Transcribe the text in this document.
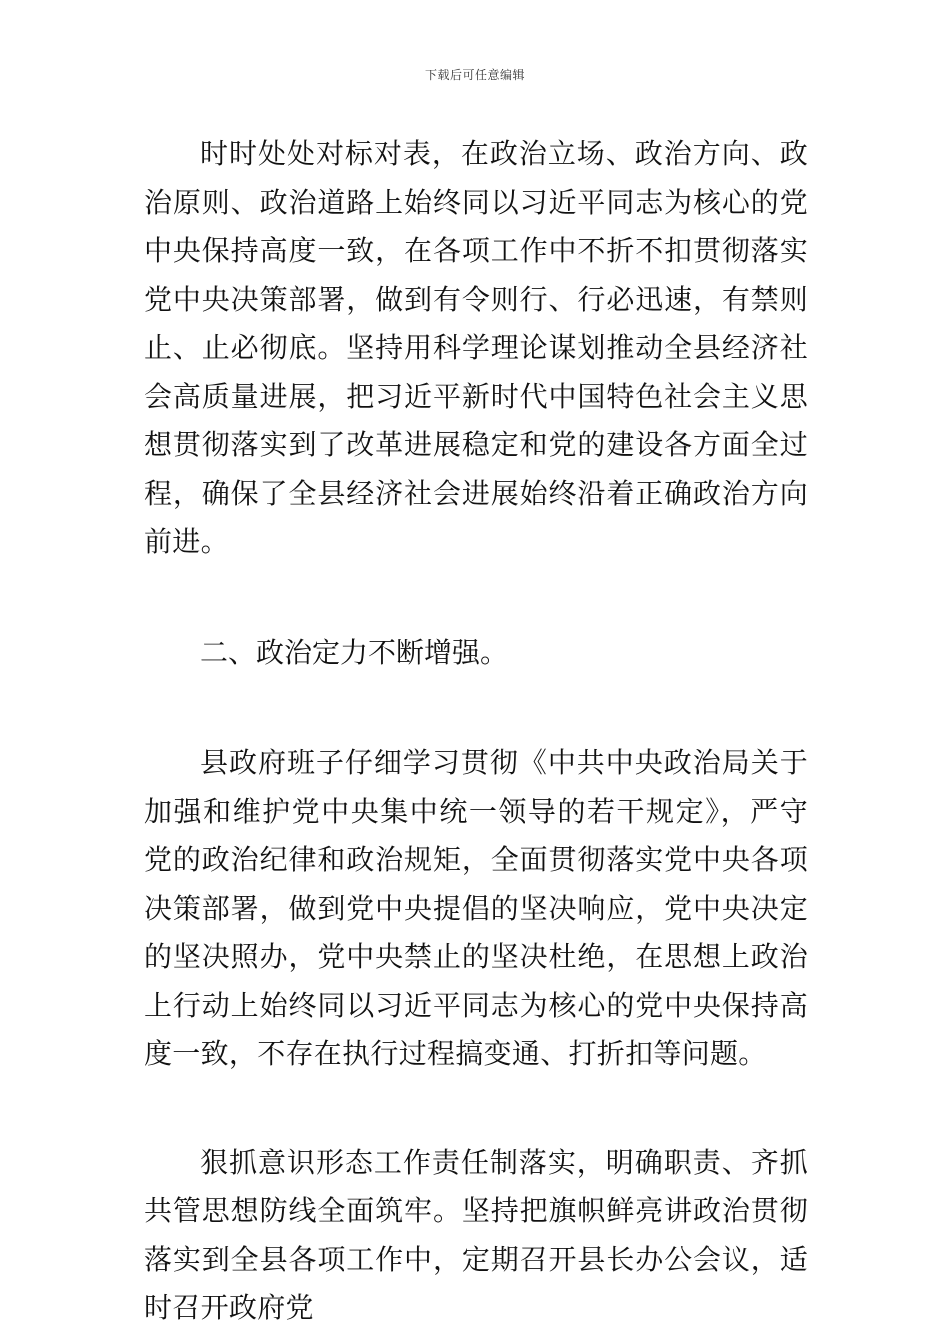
下载后可任意编辑

时时处处对标对表，在政治立场、政治方向、政治原则、政治道路上始终同以习近平同志为核心的党中央保持高度一致，在各项工作中不折不扣贯彻落实党中央决策部署，做到有令则行、行必迅速，有禁则止、止必彻底。坚持用科学理论谋划推动全县经济社会高质量进展，把习近平新时代中国特色社会主义思想贯彻落实到了改革进展稳定和党的建设各方面全过程，确保了全县经济社会进展始终沿着正确政治方向前进。

二、政治定力不断增强。

县政府班子仔细学习贯彻《中共中央政治局关于加强和维护党中央集中统一领导的若干规定》，严守党的政治纪律和政治规矩，全面贯彻落实党中央各项决策部署，做到党中央提倡的坚决响应，党中央决定的坚决照办，党中央禁止的坚决杜绝，在思想上政治上行动上始终同以习近平同志为核心的党中央保持高度一致，不存在执行过程搞变通、打折扣等问题。

狠抓意识形态工作责任制落实，明确职责、齐抓共管思想防线全面筑牢。坚持把旗帜鲜亮讲政治贯彻落实到全县各项工作中，定期召开县长办公会议，适时召开政府党
